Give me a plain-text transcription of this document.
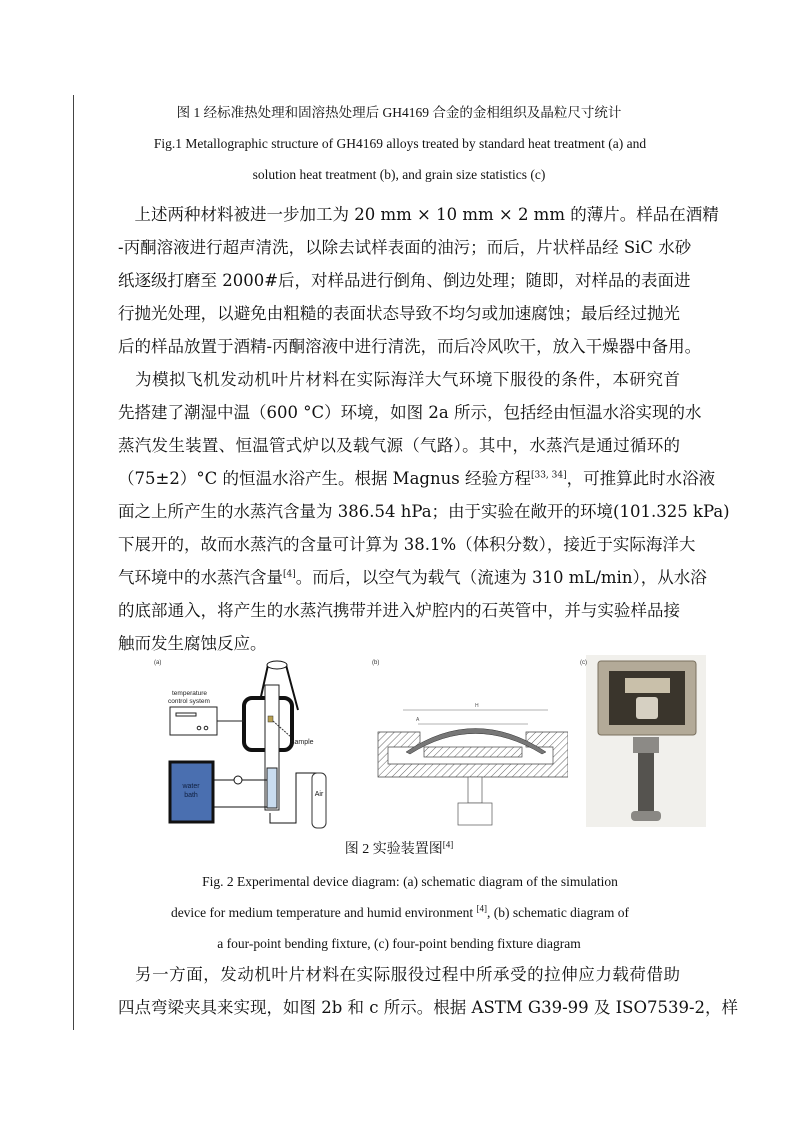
图 1 经标准热处理和固溶热处理后 GH4169 合金的金相组织及晶粒尺寸统计
Fig.1 Metallographic structure of GH4169 alloys treated by standard heat treatment (a) and
solution heat treatment (b), and grain size statistics (c)
　上述两种材料被进一步加工为 20 mm × 10 mm × 2 mm 的薄片。样品在酒精
-丙酮溶液进行超声清洗，以除去试样表面的油污；而后，片状样品经 SiC 水砂
纸逐级打磨至 2000#后，对样品进行倒角、倒边处理；随即，对样品的表面进
行抛光处理，以避免由粗糙的表面状态导致不均匀或加速腐蚀；最后经过抛光
后的样品放置于酒精-丙酮溶液中进行清洗，而后冷风吹干，放入干燥器中备用。
　为模拟飞机发动机叶片材料在实际海洋大气环境下服役的条件，本研究首
先搭建了潮湿中温（600 °C）环境，如图 2a 所示，包括经由恒温水浴实现的水
蒸汽发生装置、恒温管式炉以及载气源（气路）。其中，水蒸汽是通过循环的
（75±2）°C 的恒温水浴产生。根据 Magnus 经验方程[33, 34]，可推算此时水浴液
面之上所产生的水蒸汽含量为 386.54 hPa；由于实验在敞开的环境(101.325 kPa)
下展开的，故而水蒸汽的含量可计算为 38.1%（体积分数），接近于实际海洋大
气环境中的水蒸汽含量[4]。而后，以空气为载气（流速为 310 mL/min），从水浴
的底部通入，将产生的水蒸汽携带并进入炉腔内的石英管中，并与实验样品接
触而发生腐蚀反应。
(a)
sample
temperature
control system
water
bath	Air
(b)
H
A
(c)
图 2 实验装置图[4]
Fig. 2 Experimental device diagram: (a) schematic diagram of the simulation
device for medium temperature and humid environment [4], (b) schematic diagram of
a four-point bending fixture, (c) four-point bending fixture diagram
　另一方面，发动机叶片材料在实际服役过程中所承受的拉伸应力载荷借助
四点弯梁夹具来实现，如图 2b 和 c 所示。根据 ASTM G39-99 及 ISO7539-2，样
